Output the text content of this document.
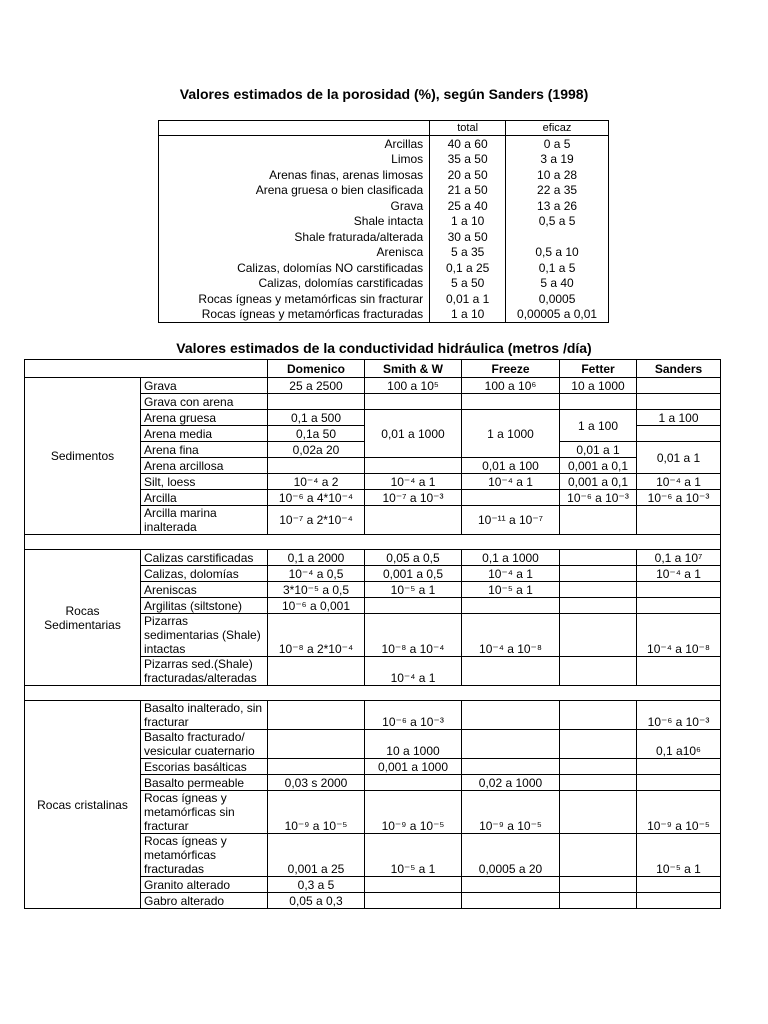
Valores estimados de la porosidad (%), según Sanders (1998)
	total	eficaz
Arcillas	40 a 60	0 a 5
Limos	35 a 50	3 a 19
Arenas finas, arenas limosas	20 a 50	10 a 28
Arena gruesa o bien clasificada	21 a 50	22 a 35
Grava	25 a 40	13 a 26
Shale intacta	1 a 10	0,5 a 5
Shale fraturada/alterada	30 a 50	
Arenisca	5 a 35	0,5 a 10
Calizas, dolomías NO carstificadas	0,1 a 25	0,1 a 5
Calizas, dolomías carstificadas	5 a 50	5 a 40
Rocas ígneas y metamórficas sin fracturar	0,01 a 1	0,0005
Rocas ígneas y metamórficas fracturadas	1 a 10	0,00005 a 0,01
Valores estimados de la conductividad hidráulica (metros /día)
		Domenico	Smith & W	Freeze	Fetter	Sanders
Sedimentos	Grava	25 a 2500	100 a 10⁵	100 a 10⁶	10 a 1000	
	Grava con arena					
	Arena gruesa	0,1 a 500	0,01 a 1000	1 a 1000	1 a 100	1 a 100
	Arena media	0,1a 50				
	Arena fina	0,02a 20			0,01 a 1	0,01 a 1
	Arena arcillosa			0,01 a 100	0,001 a 0,1	
	Silt, loess	10⁻⁴ a 2	10⁻⁴ a 1	10⁻⁴ a 1	0,001 a 0,1	10⁻⁴ a 1
	Arcilla	10⁻⁶ a 4*10⁻⁴	10⁻⁷ a 10⁻³		10⁻⁶ a 10⁻³	10⁻⁶ a 10⁻³
	Arcilla marina inalterada	10⁻⁷ a 2*10⁻⁴		10⁻¹¹ a 10⁻⁷		

Rocas Sedimentarias	Calizas carstificadas	0,1 a 2000	0,05 a 0,5	0,1 a 1000		0,1 a 10⁷
	Calizas, dolomías	10⁻⁴ a 0,5	0,001 a 0,5	10⁻⁴ a 1		10⁻⁴ a 1
	Areniscas	3*10⁻⁵ a 0,5	10⁻⁵ a 1	10⁻⁵ a 1		
	Argilitas (siltstone)	10⁻⁶ a 0,001				
	Pizarras sedimentarias (Shale) intactas	10⁻⁸ a 2*10⁻⁴	10⁻⁸ a 10⁻⁴	10⁻⁴ a 10⁻⁸		10⁻⁴ a 10⁻⁸
	Pizarras sed.(Shale) fracturadas/alteradas		10⁻⁴ a 1			

Rocas cristalinas	Basalto inalterado, sin fracturar		10⁻⁶ a 10⁻³			10⁻⁶ a 10⁻³
	Basalto fracturado/ vesicular cuaternario		10 a 1000			0,1 a10⁶
	Escorias basálticas		0,001 a 1000			
	Basalto permeable	0,03 s 2000		0,02 a 1000		
	Rocas ígneas y metamórficas sin fracturar	10⁻⁹ a 10⁻⁵	10⁻⁹ a 10⁻⁵	10⁻⁹ a 10⁻⁵		10⁻⁹ a 10⁻⁵
	Rocas ígneas y metamórficas fracturadas	0,001 a 25	10⁻⁵ a 1	0,0005 a 20		10⁻⁵ a 1
	Granito alterado	0,3 a 5				
	Gabro alterado	0,05 a 0,3				
